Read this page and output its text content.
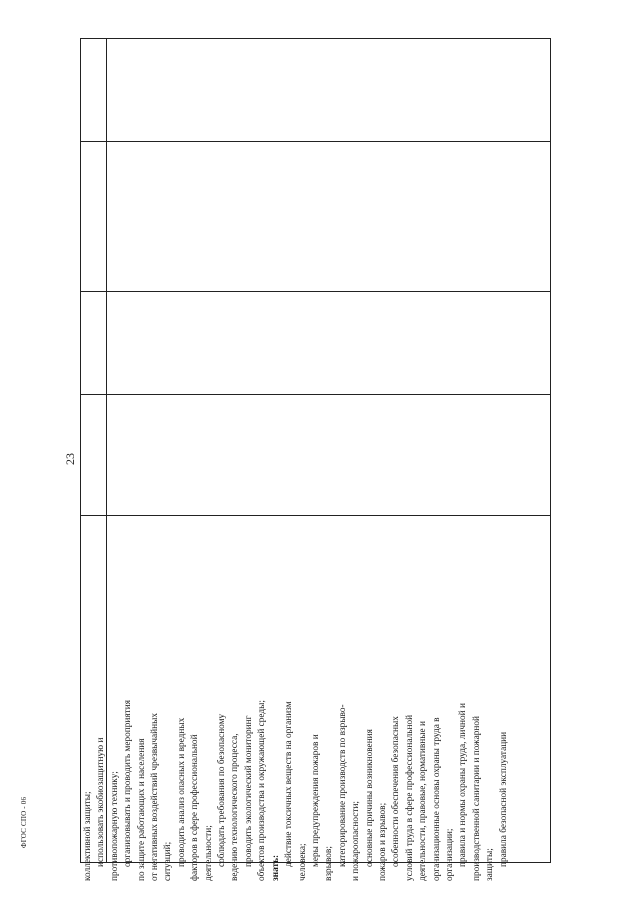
23

коллективной защиты; использовать экобиозащитную и противопожарную технику; организовывать и проводить мероприятия по защите работающих и населения от негативных воздействий чрезвычайных ситуаций; проводить анализ опасных и вредных факторов в сфере профессиональной деятельности; соблюдать требования по безопасному ведению технологического процесса, проводить экологический мониторинг объектов производства и окружающей среды; знать:

действие токсичных веществ на организм человека; меры предупреждения пожаров и взрывов; категорирование производств по взрыво- и пожароопасности; основные причины возникновения пожаров и взрывов; особенности обеспечения безопасных условий труда в сфере профессиональной деятельности, правовые, нормативные и организационные основы охраны труда в организации; правила и нормы охраны труда, личной и производственной санитарии и пожарной защиты; правила безопасной эксплуатации

ФГОС СПО - 06
